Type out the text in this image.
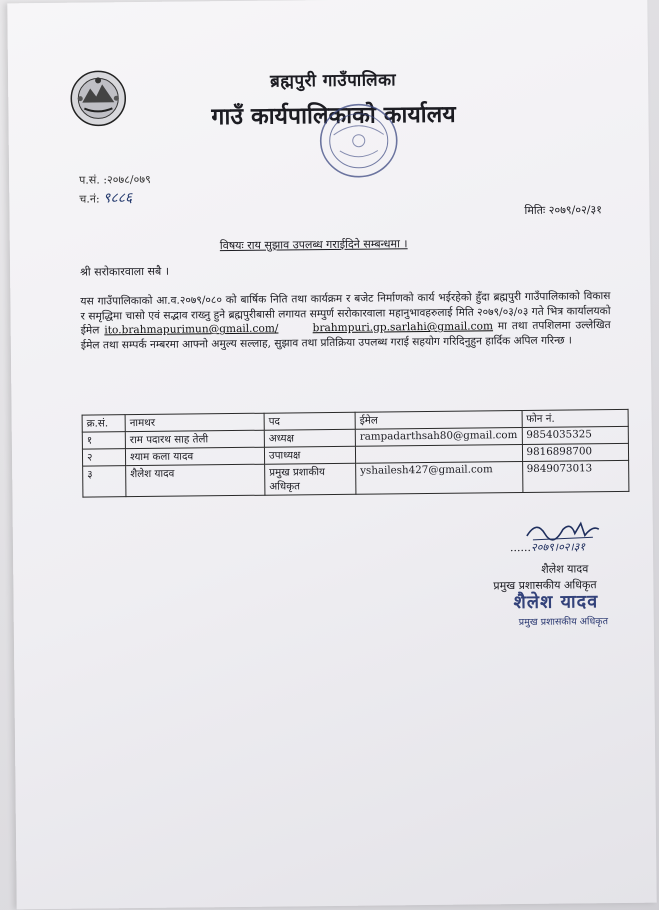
ब्रह्मपुरी गाउँपालिका
गाउँ कार्यपालिकाको कार्यालय
प.सं. :२०७८/०७९
च.नं: ९८८६
मितिः २०७९/०२/३१
विषयः राय सुझाव उपलब्ध गराईदिने सम्बन्धमा ।
श्री सरोकारवाला सबै ।
यस गाउँपालिकाको आ.व.२०७९/०८० को बार्षिक निति तथा कार्यक्रम र बजेट निर्माणको कार्य भईरहेको हुँदा ब्रह्मपुरी गाउँपालिकाको विकास र समृद्धिमा चासो एवं सद्भाव राख्नु हुने ब्रह्मपुरीबासी लगायत सम्पुर्ण सरोकारवाला महानुभावहरुलाई मिति २०७९/०३/०३ गते भित्र कार्यालयको ईमेल ito.brahmapurimun@gmail.com/	brahmpuri.gp.sarlahi@gmail.com मा तथा तपशिलमा उल्लेखित ईमेल तथा सम्पर्क नम्बरमा आफ्नो अमुल्य सल्लाह, सुझाव तथा प्रतिक्रिया उपलब्ध गराई सहयोग गरिदिनुहुन हार्दिक अपिल गरिन्छ ।
क्र.सं.	नामथर	पद	ईमेल	फोन नं.
१	राम पदारथ साह तेली	अध्यक्ष	rampadarthsah80@gmail.com	9854035325
२	श्याम कला यादव	उपाध्यक्ष		9816898700
३	शैलेश यादव	प्रमुख प्रशाकीय अधिकृत	yshailesh427@gmail.com	9849073013
......२०७९।०२।३१
शैलेश यादव
प्रमुख प्रशासकीय अधिकृत
शैलेश यादव
प्रमुख प्रशासकीय अधिकृत
